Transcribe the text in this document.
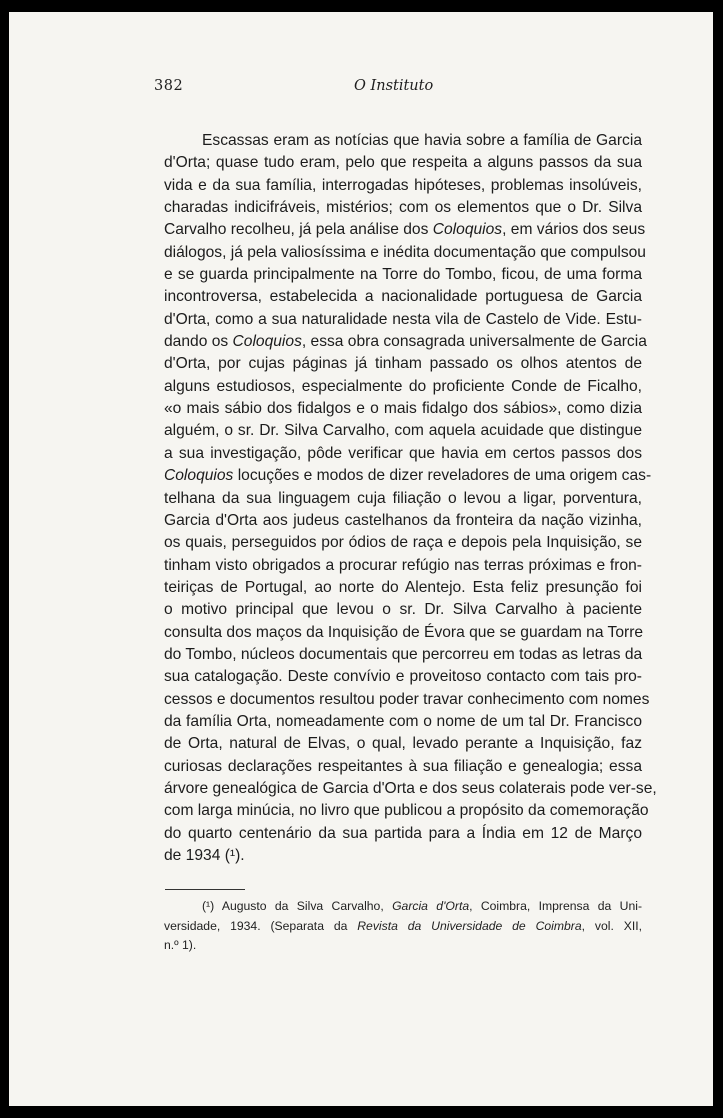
382	O Instituto
Escassas eram as notícias que havia sobre a família de Garcia
d'Orta; quase tudo eram, pelo que respeita a alguns passos da sua
vida e da sua família, interrogadas hipóteses, problemas insolúveis,
charadas indicifráveis, mistérios; com os elementos que o Dr. Silva
Carvalho recolheu, já pela análise dos Coloquios, em vários dos seus
diálogos, já pela valiosíssima e inédita documentação que compulsou
e se guarda principalmente na Torre do Tombo, ficou, de uma forma
incontroversa, estabelecida a nacionalidade portuguesa de Garcia
d'Orta, como a sua naturalidade nesta vila de Castelo de Vide. Estu-
dando os Coloquios, essa obra consagrada universalmente de Garcia
d'Orta, por cujas páginas já tinham passado os olhos atentos de
alguns estudiosos, especialmente do proficiente Conde de Ficalho,
«o mais sábio dos fidalgos e o mais fidalgo dos sábios», como dizia
alguém, o sr. Dr. Silva Carvalho, com aquela acuidade que distingue
a sua investigação, pôde verificar que havia em certos passos dos
Coloquios locuções e modos de dizer reveladores de uma origem cas-
telhana da sua linguagem cuja filiação o levou a ligar, porventura,
Garcia d'Orta aos judeus castelhanos da fronteira da nação vizinha,
os quais, perseguidos por ódios de raça e depois pela Inquisição, se
tinham visto obrigados a procurar refúgio nas terras próximas e fron-
teiriças de Portugal, ao norte do Alentejo. Esta feliz presunção foi
o motivo principal que levou o sr. Dr. Silva Carvalho à paciente
consulta dos maços da Inquisição de Évora que se guardam na Torre
do Tombo, núcleos documentais que percorreu em todas as letras da
sua catalogação. Deste convívio e proveitoso contacto com tais pro-
cessos e documentos resultou poder travar conhecimento com nomes
da família Orta, nomeadamente com o nome de um tal Dr. Francisco
de Orta, natural de Elvas, o qual, levado perante a Inquisição, faz
curiosas declarações respeitantes à sua filiação e genealogia; essa
árvore genealógica de Garcia d'Orta e dos seus colaterais pode ver-se,
com larga minúcia, no livro que publicou a propósito da comemoração
do quarto centenário da sua partida para a Índia em 12 de Março
de 1934 (¹).
(¹) Augusto da Silva Carvalho, Garcia d'Orta, Coimbra, Imprensa da Uni-
versidade, 1934. (Separata da Revista da Universidade de Coimbra, vol. XII,
n.º 1).
